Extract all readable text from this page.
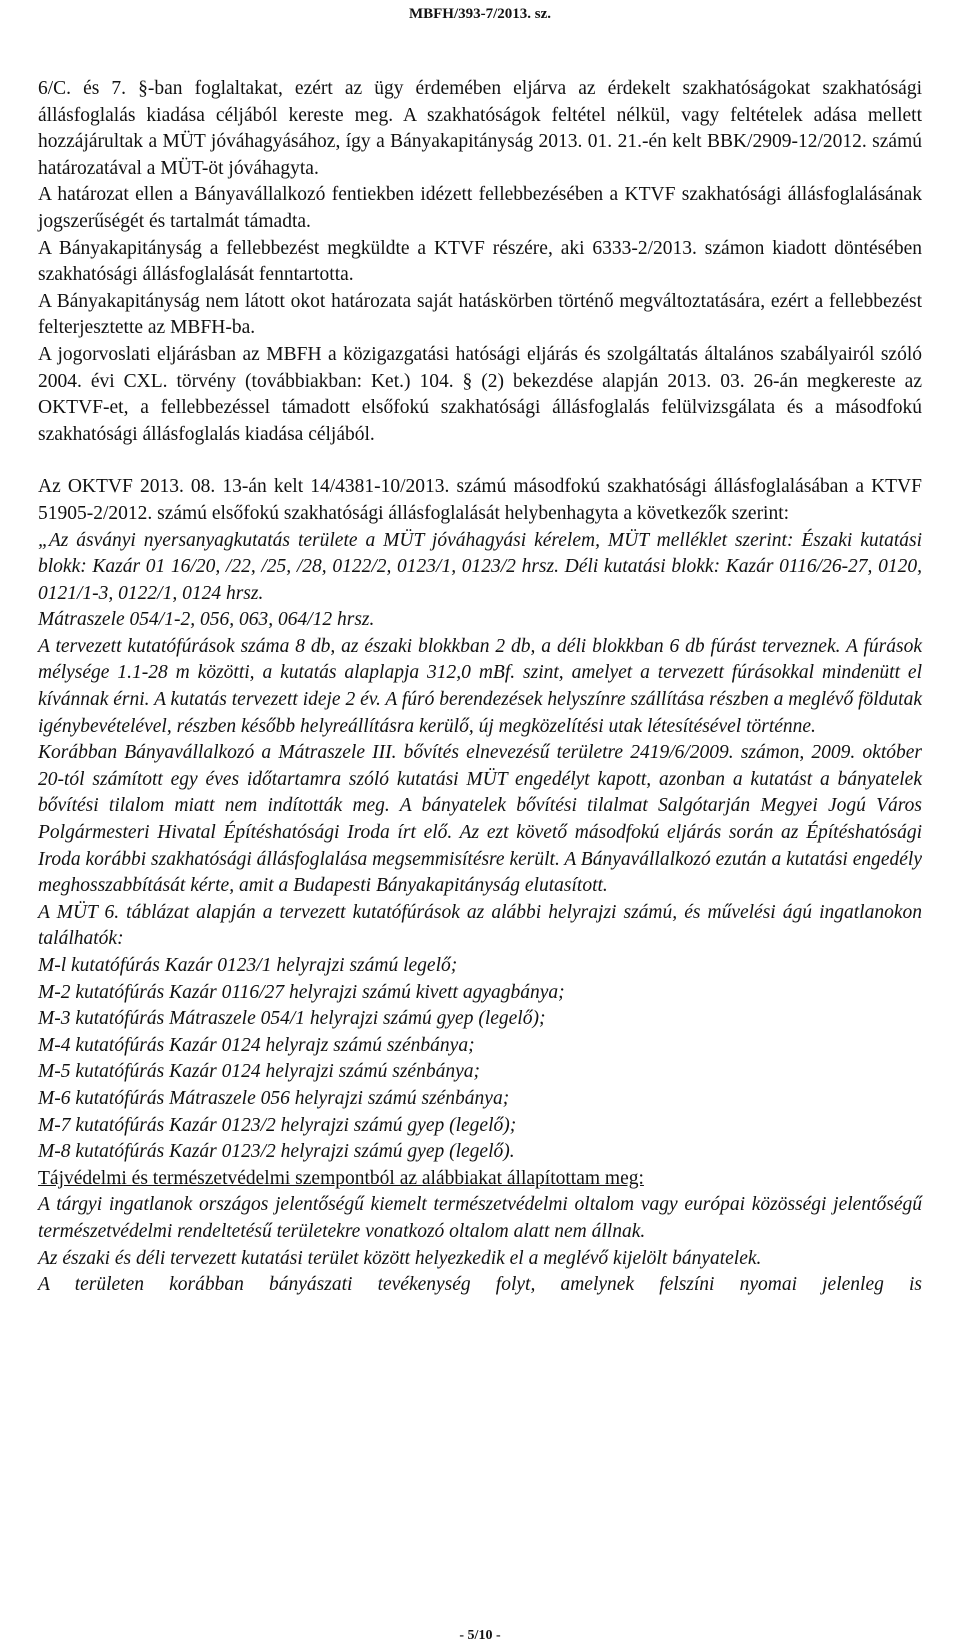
MBFH/393-7/2013. sz.

6/C. és 7. §-ban foglaltakat, ezért az ügy érdemében eljárva az érdekelt szakhatóságokat szakhatósági állásfoglalás kiadása céljából kereste meg. A szakhatóságok feltétel nélkül, vagy feltételek adása mellett hozzájárultak a MÜT jóváhagyásához, így a Bányakapitányság 2013. 01. 21.-én kelt BBK/2909-12/2012. számú határozatával a MÜT-öt jóváhagyta.

A határozat ellen a Bányavállalkozó fentiekben idézett fellebbezésében a KTVF szakhatósági állásfoglalásának jogszerűségét és tartalmát támadta.

A Bányakapitányság a fellebbezést megküldte a KTVF részére, aki 6333-2/2013. számon kiadott döntésében szakhatósági állásfoglalását fenntartotta.

A Bányakapitányság nem látott okot határozata saját hatáskörben történő megváltoztatására, ezért a fellebbezést felterjesztette az MBFH-ba.

A jogorvoslati eljárásban az MBFH a közigazgatási hatósági eljárás és szolgáltatás általános szabályairól szóló 2004. évi CXL. törvény (továbbiakban: Ket.) 104. § (2) bekezdése alapján 2013. 03. 26-án megkereste az OKTVF-et, a fellebbezéssel támadott elsőfokú szakhatósági állásfoglalás felülvizsgálata és a másodfokú szakhatósági állásfoglalás kiadása céljából.

Az OKTVF 2013. 08. 13-án kelt 14/4381-10/2013. számú másodfokú szakhatósági állásfoglalásában a KTVF 51905-2/2012. számú elsőfokú szakhatósági állásfoglalását helybenhagyta a következők szerint:

„Az ásványi nyersanyagkutatás területe a MÜT jóváhagyási kérelem, MÜT melléklet szerint: Északi kutatási blokk: Kazár 01 16/20, /22, /25, /28, 0122/2, 0123/1, 0123/2 hrsz. Déli kutatási blokk: Kazár 0116/26-27, 0120, 0121/1-3, 0122/1, 0124 hrsz.

Mátraszele 054/1-2, 056, 063, 064/12 hrsz.

A tervezett kutatófúrások száma 8 db, az északi blokkban 2 db, a déli blokkban 6 db fúrást terveznek. A fúrások mélysége 1.1-28 m közötti, a kutatás alaplapja 312,0 mBf. szint, amelyet a tervezett fúrásokkal mindenütt el kívánnak érni. A kutatás tervezett ideje 2 év. A fúró berendezések helyszínre szállítása részben a meglévő földutak igénybevételével, részben később helyreállításra kerülő, új megközelítési utak létesítésével történne.

Korábban Bányavállalkozó a Mátraszele III. bővítés elnevezésű területre 2419/6/2009. számon, 2009. október 20-tól számított egy éves időtartamra szóló kutatási MÜT engedélyt kapott, azonban a kutatást a bányatelek bővítési tilalom miatt nem indították meg. A bányatelek bővítési tilalmat Salgótarján Megyei Jogú Város Polgármesteri Hivatal Építéshatósági Iroda írt elő. Az ezt követő másodfokú eljárás során az Építéshatósági Iroda korábbi szakhatósági állásfoglalása megsemmisítésre került. A Bányavállalkozó ezután a kutatási engedély meghosszabbítását kérte, amit a Budapesti Bányakapitányság elutasított.

A MÜT 6. táblázat alapján a tervezett kutatófúrások az alábbi helyrajzi számú, és művelési ágú ingatlanokon találhatók:

M-l kutatófúrás Kazár 0123/1 helyrajzi számú legelő;

M-2 kutatófúrás Kazár 0116/27 helyrajzi számú kivett agyagbánya;

M-3 kutatófúrás Mátraszele 054/1 helyrajzi számú gyep (legelő);

M-4 kutatófúrás Kazár 0124 helyrajz számú szénbánya;

M-5 kutatófúrás Kazár 0124 helyrajzi számú szénbánya;

M-6 kutatófúrás Mátraszele 056 helyrajzi számú szénbánya;

M-7 kutatófúrás Kazár 0123/2 helyrajzi számú gyep (legelő);

M-8 kutatófúrás Kazár 0123/2 helyrajzi számú gyep (legelő).

Tájvédelmi és természetvédelmi szempontból az alábbiakat állapítottam meg:

A tárgyi ingatlanok országos jelentőségű kiemelt természetvédelmi oltalom vagy európai közösségi jelentőségű természetvédelmi rendeltetésű területekre vonatkozó oltalom alatt nem állnak.

Az északi és déli tervezett kutatási terület között helyezkedik el a meglévő kijelölt bányatelek.

A területen korábban bányászati tevékenység folyt, amelynek felszíni nyomai jelenleg is

- 5/10 -
